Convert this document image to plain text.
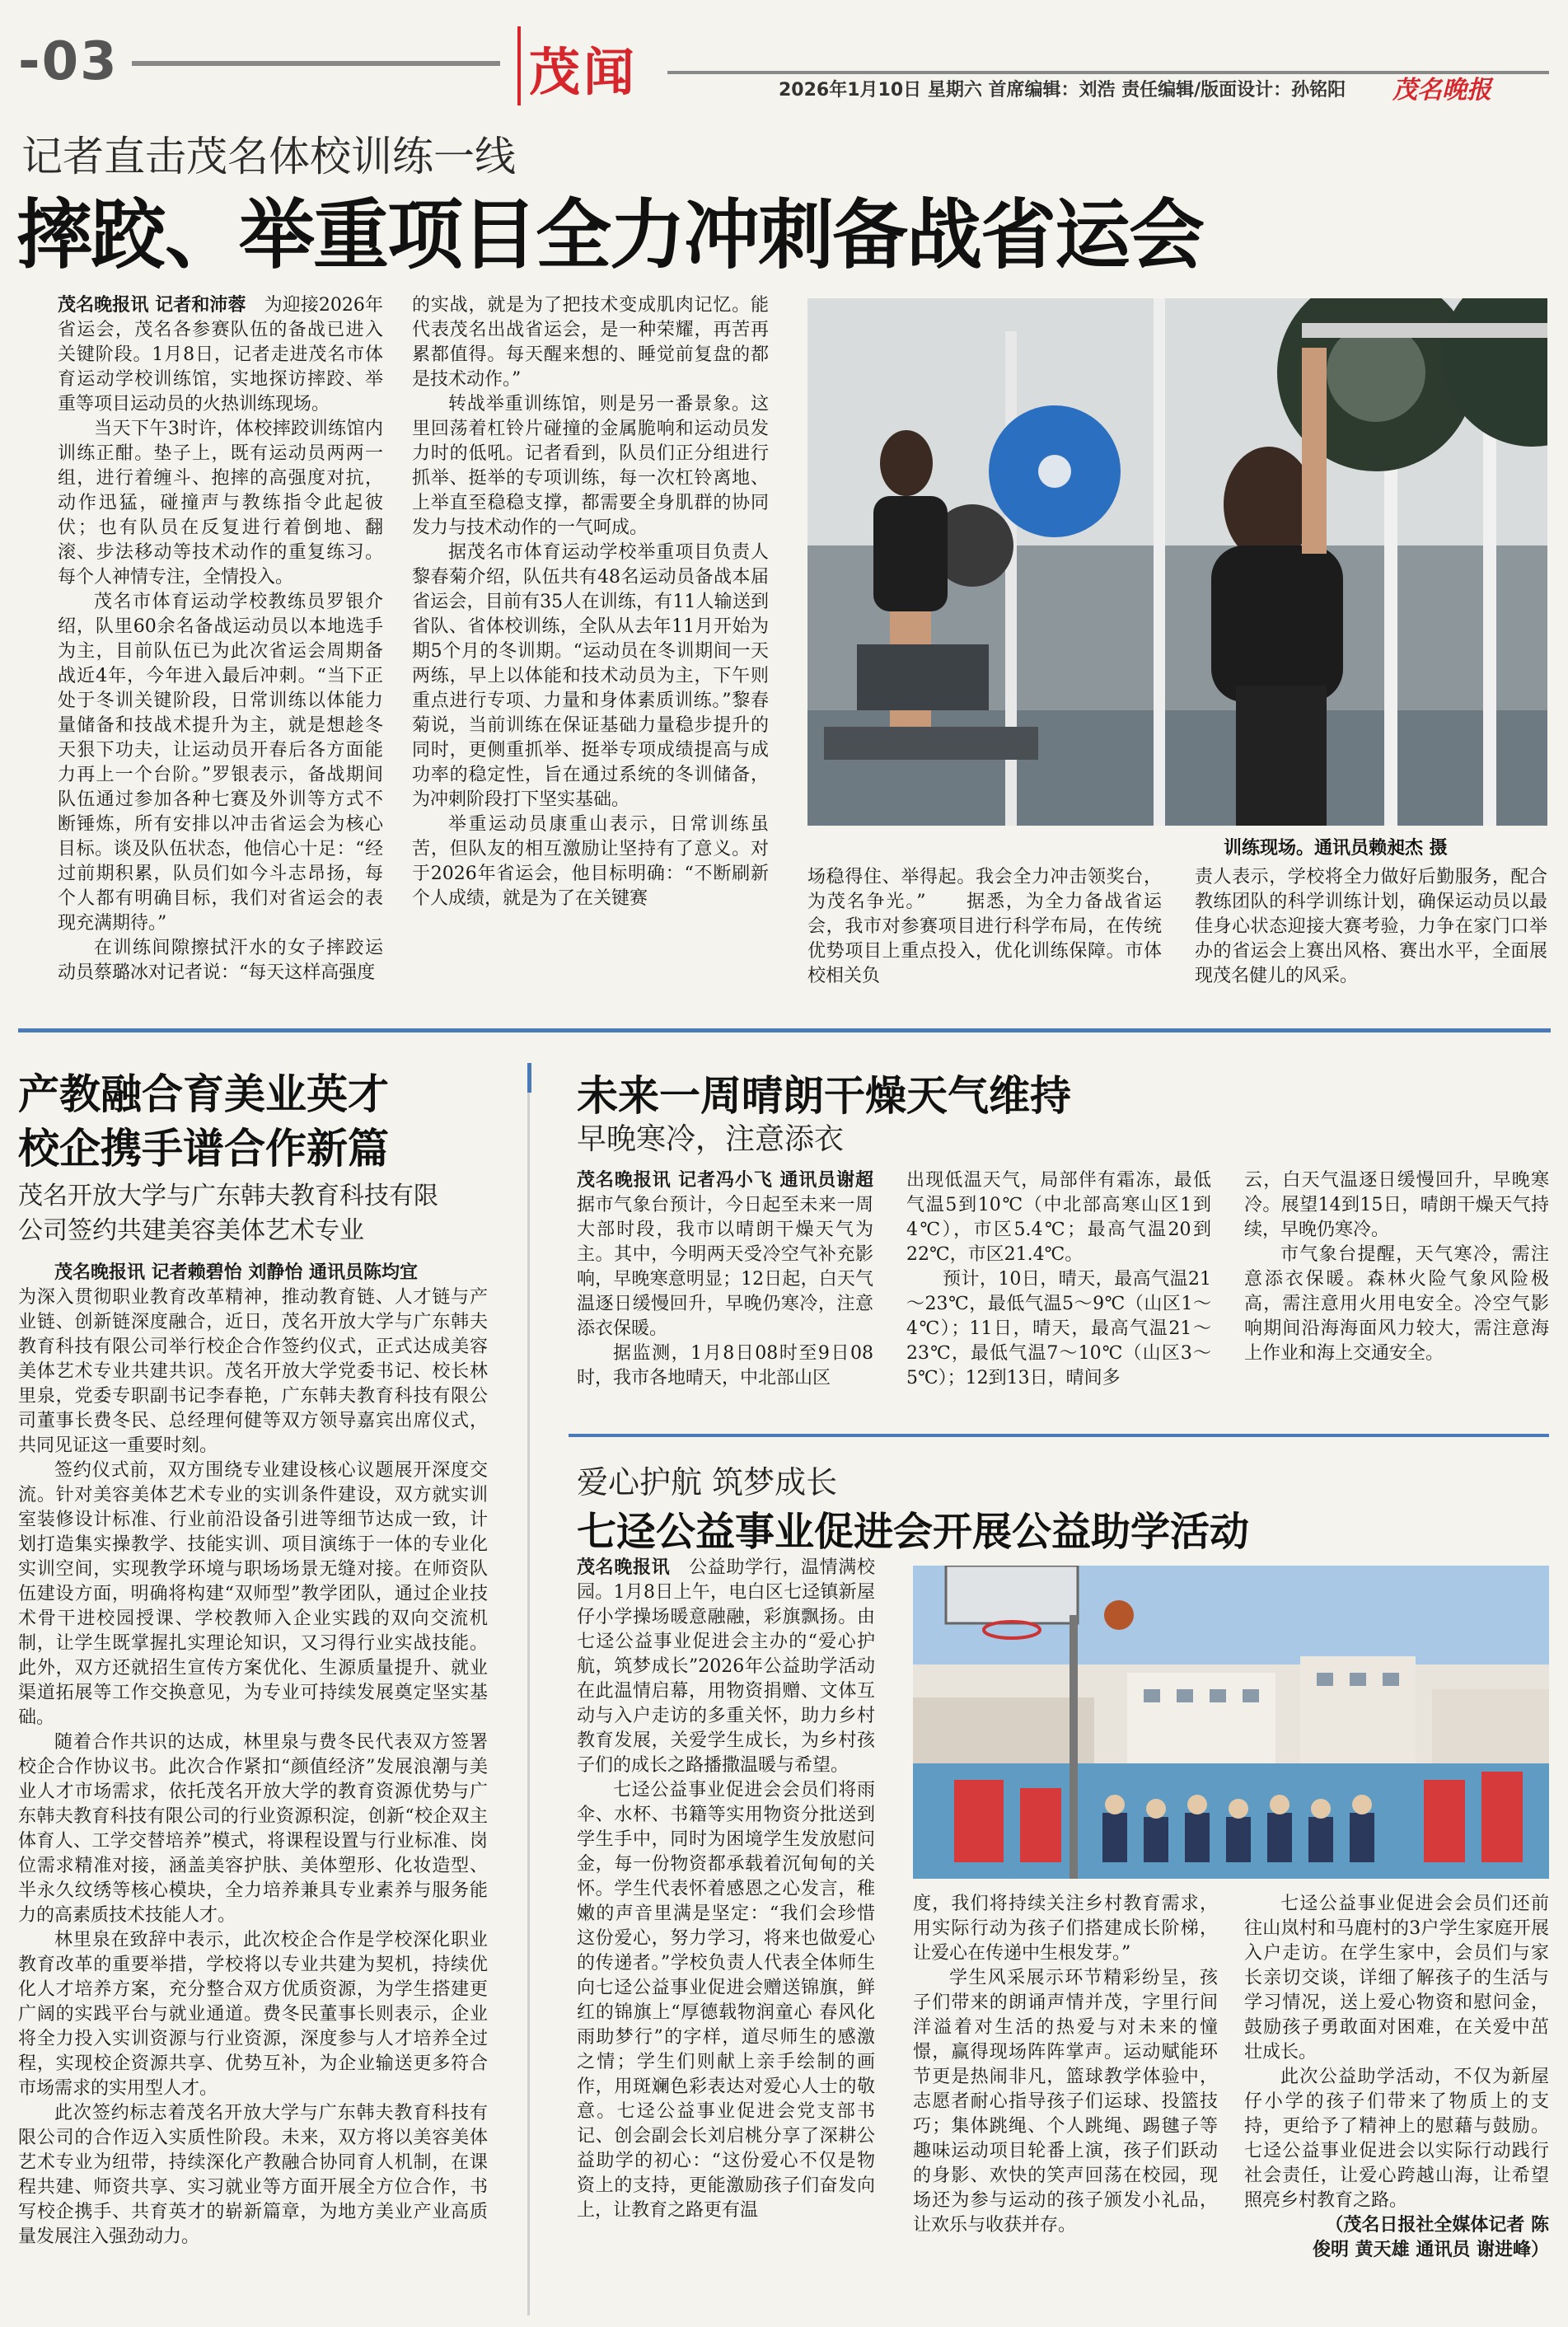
-03	茂闻	2026年1月10日 星期六 首席编辑：刘浩 责任编辑/版面设计：孙铭阳 茂名晚报
记者直击茂名体校训练一线
摔跤、举重项目全力冲刺备战省运会

茂名晚报讯 记者和沛蓉　 为迎接2026年省运会，茂名各参赛队伍的备战已进入关键阶段。1月8日，记者走进茂名市体育运动学校训练馆，实地探访摔跤、举重等项目运动员的火热训练现场。

当天下午3时许，体校摔跤训练馆内训练正酣。垫子上，既有运动员两两一组，进行着缠斗、抱摔的高强度对抗，动作迅猛，碰撞声与教练指令此起彼伏；也有队员在反复进行着倒地、翻滚、步法移动等技术动作的重复练习。每个人神情专注，全情投入。

茂名市体育运动学校教练员罗银介绍，队里60余名备战运动员以本地选手为主，目前队伍已为此次省运会周期备战近4年，今年进入最后冲刺。“当下正处于冬训关键阶段，日常训练以体能力量储备和技战术提升为主，就是想趁冬天狠下功夫，让运动员开春后各方面能力再上一个台阶。”罗银表示，备战期间队伍通过参加各种七赛及外训等方式不断锤炼，所有安排以冲击省运会为核心目标。谈及队伍状态，他信心十足：“经过前期积累，队员们如今斗志昂扬，每个人都有明确目标，我们对省运会的表现充满期待。”

在训练间隙擦拭汗水的女子摔跤运动员蔡璐冰对记者说：“每天这样高强度

的实战，就是为了把技术变成肌肉记忆。能代表茂名出战省运会，是一种荣耀，再苦再累都值得。每天醒来想的、睡觉前复盘的都是技术动作。”

转战举重训练馆，则是另一番景象。这里回荡着杠铃片碰撞的金属脆响和运动员发力时的低吼。记者看到，队员们正分组进行抓举、挺举的专项训练，每一次杠铃离地、上举直至稳稳支撑，都需要全身肌群的协同发力与技术动作的一气呵成。

据茂名市体育运动学校举重项目负责人黎春菊介绍，队伍共有48名运动员备战本届省运会，目前有35人在训练，有11人输送到省队、省体校训练，全队从去年11月开始为期5个月的冬训期。“运动员在冬训期间一天两练，早上以体能和技术动员为主，下午则重点进行专项、力量和身体素质训练。”黎春菊说，当前训练在保证基础力量稳步提升的同时，更侧重抓举、挺举专项成绩提高与成功率的稳定性，旨在通过系统的冬训储备，为冲刺阶段打下坚实基础。

举重运动员康重山表示，日常训练虽苦，但队友的相互激励让坚持有了意义。对于2026年省运会，他目标明确：“不断刷新个人成绩，就是为了在关键赛

训练现场。通讯员赖昶杰 摄

场稳得住、举得起。我会全力冲击领奖台，为茂名争光。”　　据悉，为全力备战省运会，我市对参赛项目进行科学布局，在传统优势项目上重点投入，优化训练保障。市体校相关负

责人表示，学校将全力做好后勤服务，配合教练团队的科学训练计划，确保运动员以最佳身心状态迎接大赛考验，力争在家门口举办的省运会上赛出风格、赛出水平，全面展现茂名健儿的风采。

产教融合育美业英才
校企携手谱合作新篇
茂名开放大学与广东韩夫教育科技有限
公司签约共建美容美体艺术专业

茂名晚报讯 记者赖碧怡 刘静怡 通讯员陈均宜

为深入贯彻职业教育改革精神，推动教育链、人才链与产业链、创新链深度融合，近日，茂名开放大学与广东韩夫教育科技有限公司举行校企合作签约仪式，正式达成美容美体艺术专业共建共识。茂名开放大学党委书记、校长林里泉，党委专职副书记李春艳，广东韩夫教育科技有限公司董事长费冬民、总经理何健等双方领导嘉宾出席仪式，共同见证这一重要时刻。

签约仪式前，双方围绕专业建设核心议题展开深度交流。针对美容美体艺术专业的实训条件建设，双方就实训室装修设计标准、行业前沿设备引进等细节达成一致，计划打造集实操教学、技能实训、项目演练于一体的专业化实训空间，实现教学环境与职场场景无缝对接。在师资队伍建设方面，明确将构建“双师型”教学团队，通过企业技术骨干进校园授课、学校教师入企业实践的双向交流机制，让学生既掌握扎实理论知识，又习得行业实战技能。此外，双方还就招生宣传方案优化、生源质量提升、就业渠道拓展等工作交换意见，为专业可持续发展奠定坚实基础。

随着合作共识的达成，林里泉与费冬民代表双方签署校企合作协议书。此次合作紧扣“颜值经济”发展浪潮与美业人才市场需求，依托茂名开放大学的教育资源优势与广东韩夫教育科技有限公司的行业资源积淀，创新“校企双主体育人、工学交替培养”模式，将课程设置与行业标准、岗位需求精准对接，涵盖美容护肤、美体塑形、化妆造型、半永久纹绣等核心模块，全力培养兼具专业素养与服务能力的高素质技术技能人才。

林里泉在致辞中表示，此次校企合作是学校深化职业教育改革的重要举措，学校将以专业共建为契机，持续优化人才培养方案，充分整合双方优质资源，为学生搭建更广阔的实践平台与就业通道。费冬民董事长则表示，企业将全力投入实训资源与行业资源，深度参与人才培养全过程，实现校企资源共享、优势互补，为企业输送更多符合市场需求的实用型人才。

此次签约标志着茂名开放大学与广东韩夫教育科技有限公司的合作迈入实质性阶段。未来，双方将以美容美体艺术专业为纽带，持续深化产教融合协同育人机制，在课程共建、师资共享、实习就业等方面开展全方位合作，书写校企携手、共育英才的崭新篇章，为地方美业产业高质量发展注入强劲动力。

未来一周晴朗干燥天气维持
早晚寒冷，注意添衣

茂名晚报讯 记者冯小飞 通讯员谢超　据市气象台预计，今日起至未来一周大部时段，我市以晴朗干燥天气为主。其中，今明两天受冷空气补充影响，早晚寒意明显；12日起，白天气温逐日缓慢回升，早晚仍寒冷，注意添衣保暖。

据监测，1月8日08时至9日08时，我市各地晴天，中北部山区

出现低温天气，局部伴有霜冻，最低气温5到10℃（中北部高寒山区1到4℃），市区5.4℃；最高气温20到22℃，市区21.4℃。

预计，10日，晴天，最高气温21～23℃，最低气温5～9℃（山区1～4℃）；11日，晴天，最高气温21～23℃，最低气温7～10℃（山区3～5℃）；12到13日，晴间多

云，白天气温逐日缓慢回升，早晚寒冷。展望14到15日，晴朗干燥天气持续，早晚仍寒冷。

市气象台提醒，天气寒冷，需注意添衣保暖。森林火险气象风险极高，需注意用火用电安全。冷空气影响期间沿海海面风力较大，需注意海上作业和海上交通安全。

爱心护航 筑梦成长
七迳公益事业促进会开展公益助学活动

茂名晚报讯　 公益助学行，温情满校园。1月8日上午，电白区七迳镇新屋仔小学操场暖意融融，彩旗飘扬。由七迳公益事业促进会主办的“爱心护航，筑梦成长”2026年公益助学活动在此温情启幕，用物资捐赠、文体互动与入户走访的多重关怀，助力乡村教育发展，关爱学生成长，为乡村孩子们的成长之路播撒温暖与希望。

七迳公益事业促进会会员们将雨伞、水杯、书籍等实用物资分批送到学生手中，同时为困境学生发放慰问金，每一份物资都承载着沉甸甸的关怀。学生代表怀着感恩之心发言，稚嫩的声音里满是坚定：“我们会珍惜这份爱心，努力学习，将来也做爱心的传递者。”学校负责人代表全体师生向七迳公益事业促进会赠送锦旗，鲜红的锦旗上“厚德载物润童心 春风化雨助梦行”的字样，道尽师生的感激之情；学生们则献上亲手绘制的画作，用斑斓色彩表达对爱心人士的敬意。七迳公益事业促进会党支部书记、创会副会长刘启桃分享了深耕公益助学的初心：“这份爱心不仅是物资上的支持，更能激励孩子们奋发向上，让教育之路更有温

度，我们将持续关注乡村教育需求，用实际行动为孩子们搭建成长阶梯，让爱心在传递中生根发芽。”

学生风采展示环节精彩纷呈，孩子们带来的朗诵声情并茂，字里行间洋溢着对生活的热爱与对未来的憧憬，赢得现场阵阵掌声。运动赋能环节更是热闹非凡，篮球教学体验中，志愿者耐心指导孩子们运球、投篮技巧；集体跳绳、个人跳绳、踢毽子等趣味运动项目轮番上演，孩子们跃动的身影、欢快的笑声回荡在校园，现场还为参与运动的孩子颁发小礼品，让欢乐与收获并存。

七迳公益事业促进会会员们还前往山岚村和马鹿村的3户学生家庭开展入户走访。在学生家中，会员们与家长亲切交谈，详细了解孩子的生活与学习情况，送上爱心物资和慰问金，鼓励孩子勇敢面对困难，在关爱中茁壮成长。

此次公益助学活动，不仅为新屋仔小学的孩子们带来了物质上的支持，更给予了精神上的慰藉与鼓励。七迳公益事业促进会以实际行动践行社会责任，让爱心跨越山海，让希望照亮乡村教育之路。

（茂名日报社全媒体记者 陈

俊明 黄天雄 通讯员 谢进峰）
